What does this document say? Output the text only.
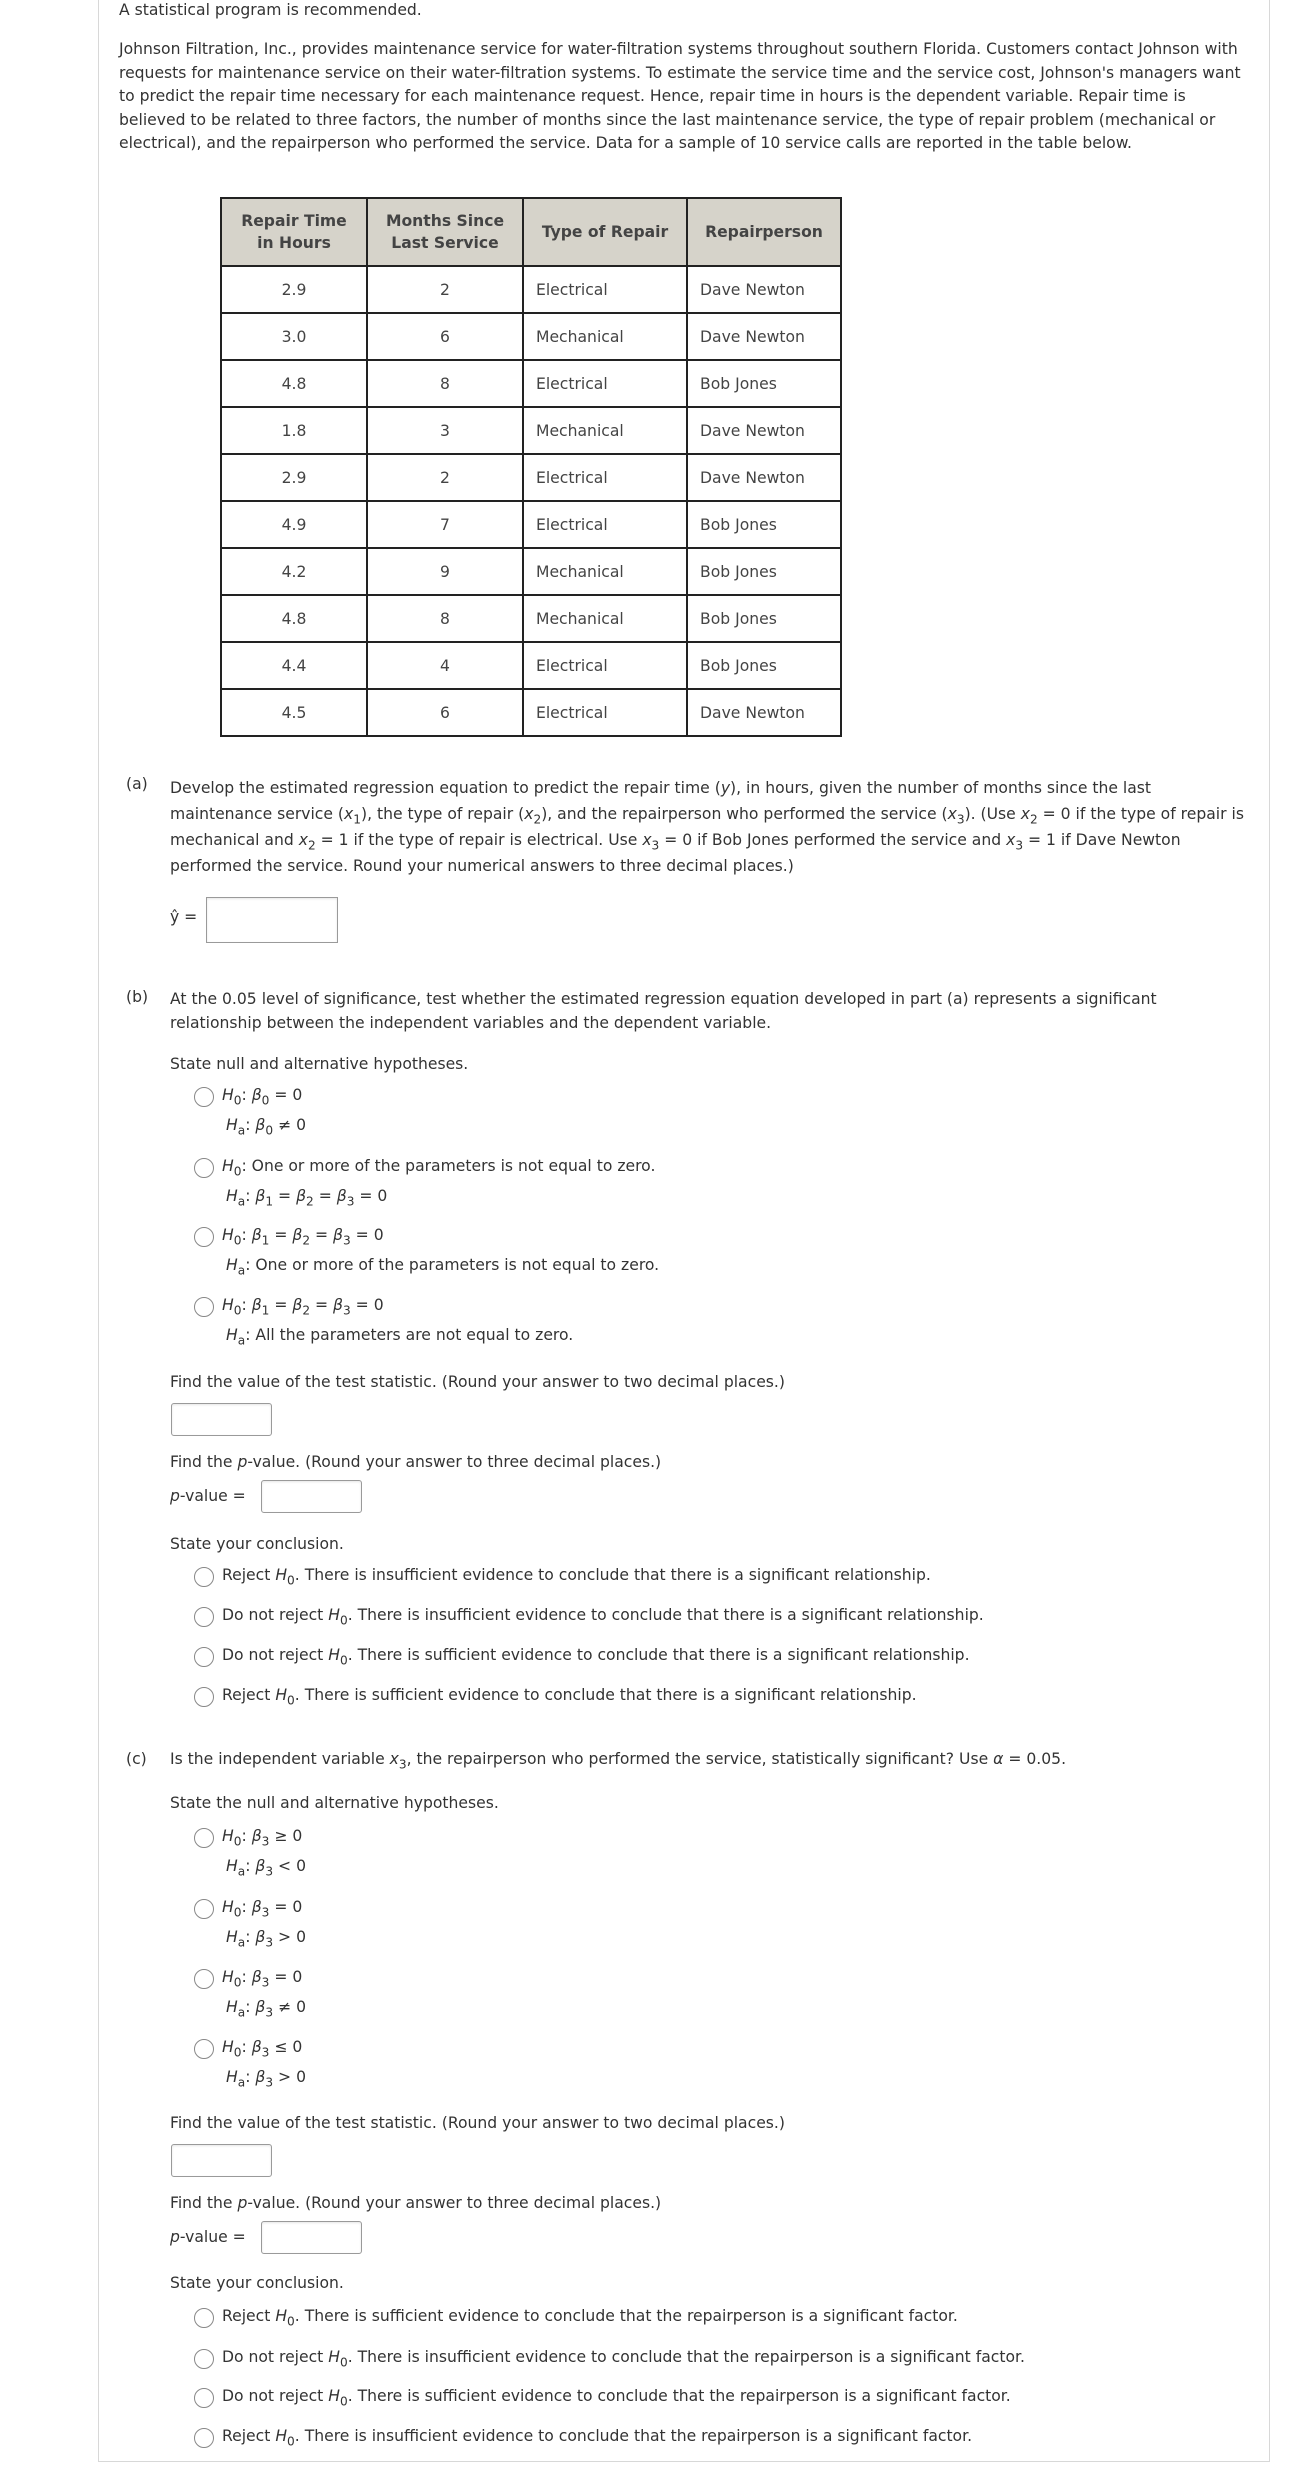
A statistical program is recommended.
Johnson Filtration, Inc., provides maintenance service for water-filtration systems throughout southern Florida. Customers contact Johnson with requests for maintenance service on their water-filtration systems. To estimate the service time and the service cost, Johnson's managers want to predict the repair time necessary for each maintenance request. Hence, repair time in hours is the dependent variable. Repair time is believed to be related to three factors, the number of months since the last maintenance service, the type of repair problem (mechanical or electrical), and the repairperson who performed the service. Data for a sample of 10 service calls are reported in the table below.
Repair Time in Hours	Months Since Last Service	Type of Repair	Repairperson
2.9	2	Electrical	Dave Newton
3.0	6	Mechanical	Dave Newton
4.8	8	Electrical	Bob Jones
1.8	3	Mechanical	Dave Newton
2.9	2	Electrical	Dave Newton
4.9	7	Electrical	Bob Jones
4.2	9	Mechanical	Bob Jones
4.8	8	Mechanical	Bob Jones
4.4	4	Electrical	Bob Jones
4.5	6	Electrical	Dave Newton
(a) Develop the estimated regression equation to predict the repair time (y), in hours, given the number of months since the last maintenance service $(x_1)$, the type of repair $(x_2)$, and the repairperson who performed the service $(x_3)$. (Use $x_2 = 0$ if the type of repair is mechanical and $x_2 = 1$ if the type of repair is electrical. Use $x_3 = 0$ if Bob Jones performed the service and $x_3 = 1$ if Dave Newton performed the service. Round your numerical answers to three decimal places.)
ŷ =
(b) At the 0.05 level of significance, test whether the estimated regression equation developed in part (a) represents a significant relationship between the independent variables and the dependent variable.
State null and alternative hypotheses.
$H_0$: $\beta_0 = 0$
$H_a$: $\beta_0 \ne 0$
$H_0$: One or more of the parameters is not equal to zero.
$H_a$: $\beta_1 = \beta_2 = \beta_3 = 0$
$H_0$: $\beta_1 = \beta_2 = \beta_3 = 0$
$H_a$: One or more of the parameters is not equal to zero.
$H_0$: $\beta_1 = \beta_2 = \beta_3 = 0$
$H_a$: All the parameters are not equal to zero.
Find the value of the test statistic. (Round your answer to two decimal places.)
Find the p-value. (Round your answer to three decimal places.)
p-value =
State your conclusion.
Reject $H_0$. There is insufficient evidence to conclude that there is a significant relationship.
Do not reject $H_0$. There is insufficient evidence to conclude that there is a significant relationship.
Do not reject $H_0$. There is sufficient evidence to conclude that there is a significant relationship.
Reject $H_0$. There is sufficient evidence to conclude that there is a significant relationship.
(c) Is the independent variable $x_3$, the repairperson who performed the service, statistically significant? Use α = 0.05.
State the null and alternative hypotheses.
$H_0$: $\beta_3 \ge 0$
$H_a$: $\beta_3 < 0$
$H_0$: $\beta_3 = 0$
$H_a$: $\beta_3 > 0$
$H_0$: $\beta_3 = 0$
$H_a$: $\beta_3 \ne 0$
$H_0$: $\beta_3 \le 0$
$H_a$: $\beta_3 > 0$
Find the value of the test statistic. (Round your answer to two decimal places.)
Find the p-value. (Round your answer to three decimal places.)
p-value =
State your conclusion.
Reject $H_0$. There is sufficient evidence to conclude that the repairperson is a significant factor.
Do not reject $H_0$. There is insufficient evidence to conclude that the repairperson is a significant factor.
Do not reject $H_0$. There is sufficient evidence to conclude that the repairperson is a significant factor.
Reject $H_0$. There is insufficient evidence to conclude that the repairperson is a significant factor.
